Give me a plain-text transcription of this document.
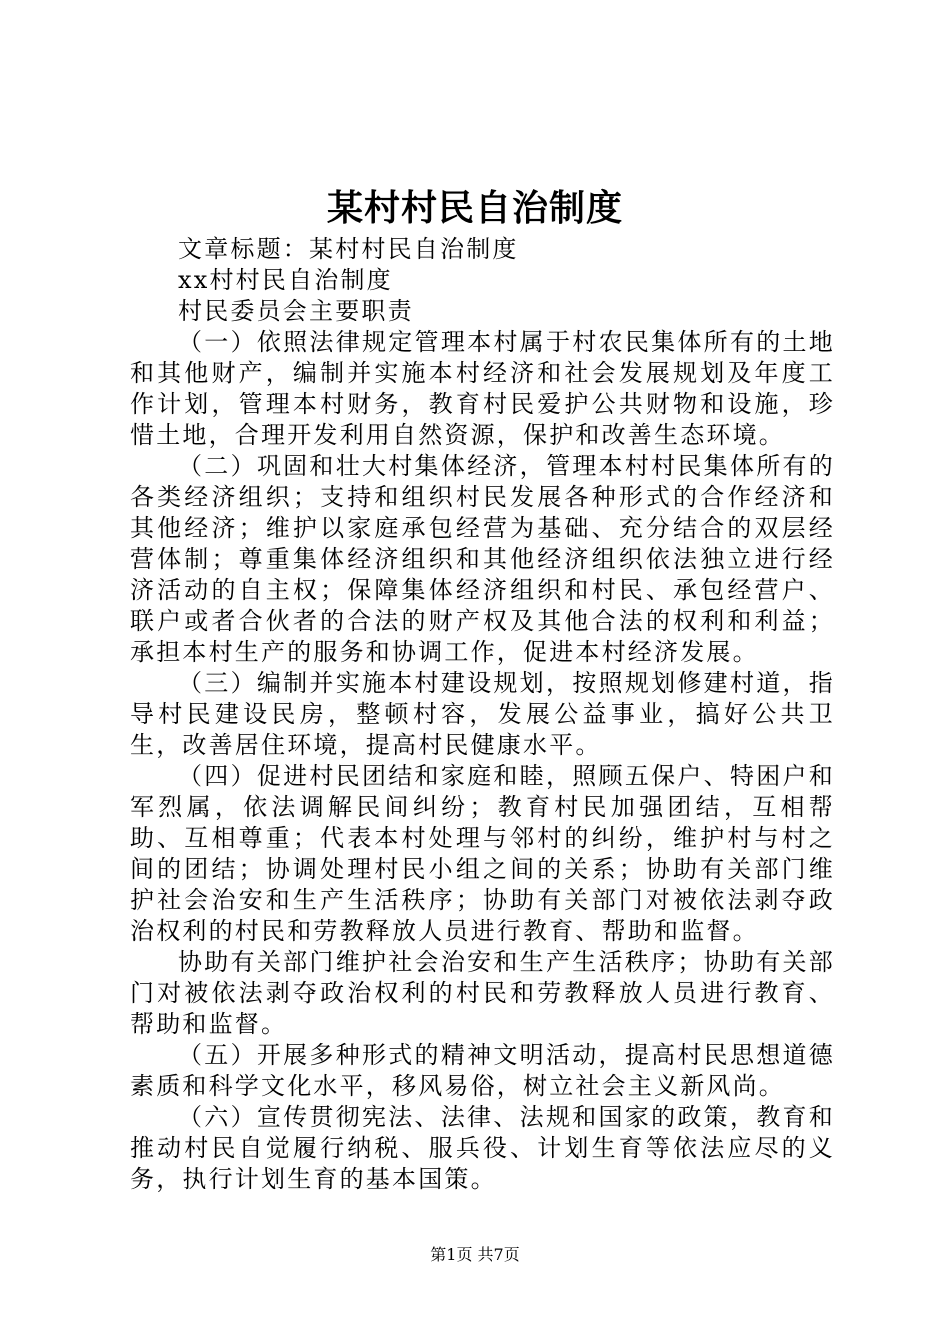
某村村民自治制度

文章标题：某村村民自治制度

xx村村民自治制度

村民委员会主要职责

（一）依照法律规定管理本村属于村农民集体所有的土地和其他财产，编制并实施本村经济和社会发展规划及年度工作计划，管理本村财务，教育村民爱护公共财物和设施，珍惜土地，合理开发利用自然资源，保护和改善生态环境。

（二）巩固和壮大村集体经济，管理本村村民集体所有的各类经济组织；支持和组织村民发展各种形式的合作经济和其他经济；维护以家庭承包经营为基础、充分结合的双层经营体制；尊重集体经济组织和其他经济组织依法独立进行经济活动的自主权；保障集体经济组织和村民、承包经营户、联户或者合伙者的合法的财产权及其他合法的权利和利益；承担本村生产的服务和协调工作，促进本村经济发展。

（三）编制并实施本村建设规划，按照规划修建村道，指导村民建设民房，整顿村容，发展公益事业，搞好公共卫生，改善居住环境，提高村民健康水平。

（四）促进村民团结和家庭和睦，照顾五保户、特困户和军烈属，依法调解民间纠纷；教育村民加强团结，互相帮助、互相尊重；代表本村处理与邻村的纠纷，维护村与村之间的团结；协调处理村民小组之间的关系；协助有关部门维护社会治安和生产生活秩序；协助有关部门对被依法剥夺政治权利的村民和劳教释放人员进行教育、帮助和监督。

协助有关部门维护社会治安和生产生活秩序；协助有关部门对被依法剥夺政治权利的村民和劳教释放人员进行教育、帮助和监督。

（五）开展多种形式的精神文明活动，提高村民思想道德素质和科学文化水平，移风易俗，树立社会主义新风尚。

（六）宣传贯彻宪法、法律、法规和国家的政策，教育和推动村民自觉履行纳税、服兵役、计划生育等依法应尽的义务，执行计划生育的基本国策。

第1页 共7页
